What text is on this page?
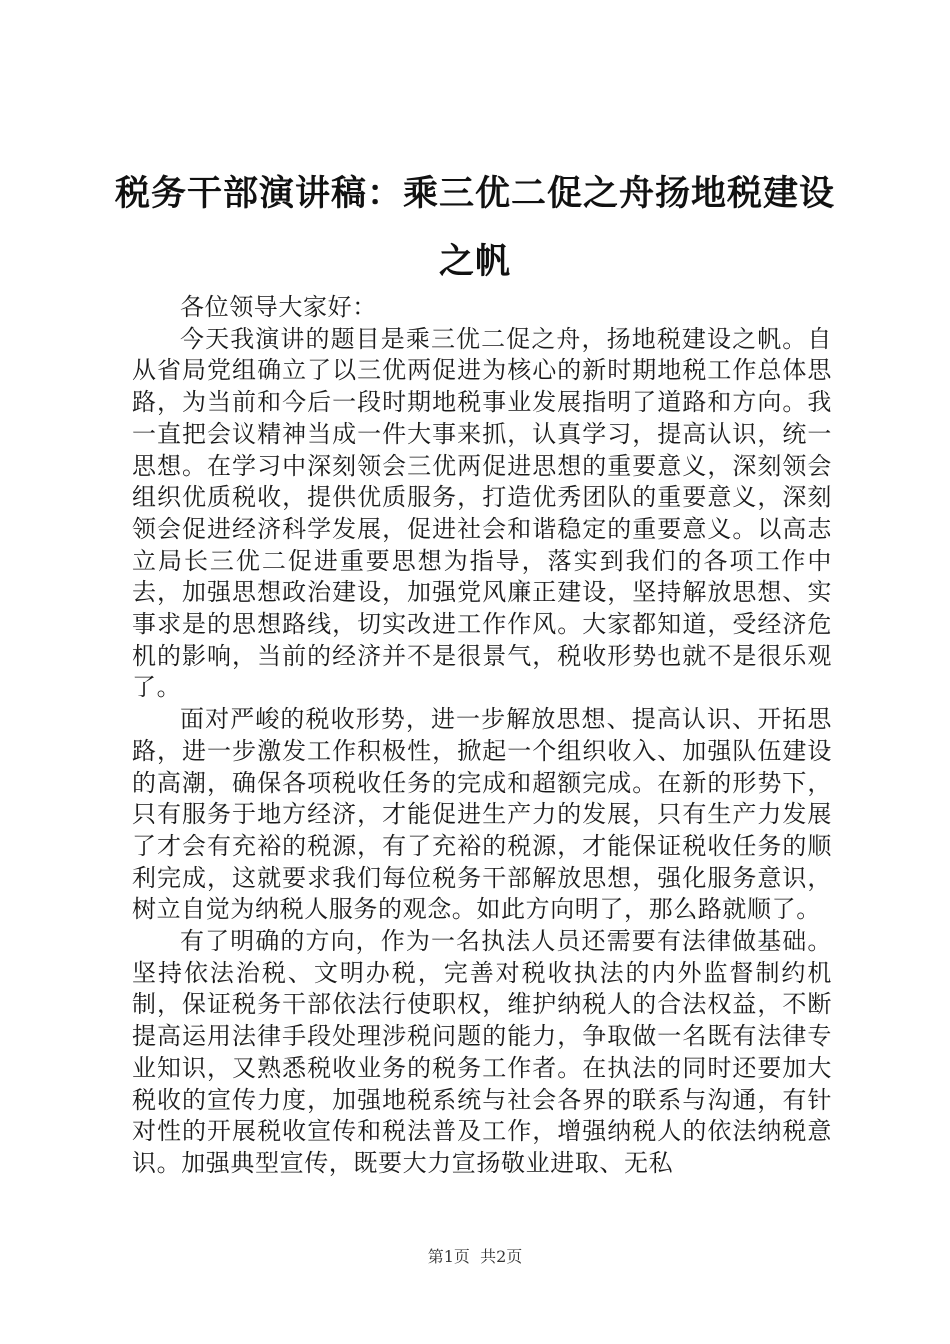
税务干部演讲稿：乘三优二促之舟扬地税建设之帆

各位领导大家好：

今天我演讲的题目是乘三优二促之舟，扬地税建设之帆。自从省局党组确立了以三优两促进为核心的新时期地税工作总体思路，为当前和今后一段时期地税事业发展指明了道路和方向。我一直把会议精神当成一件大事来抓，认真学习，提高认识，统一思想。在学习中深刻领会三优两促进思想的重要意义，深刻领会组织优质税收，提供优质服务，打造优秀团队的重要意义，深刻领会促进经济科学发展，促进社会和谐稳定的重要意义。以高志立局长三优二促进重要思想为指导，落实到我们的各项工作中去，加强思想政治建设，加强党风廉正建设，坚持解放思想、实事求是的思想路线，切实改进工作作风。大家都知道，受经济危机的影响，当前的经济并不是很景气，税收形势也就不是很乐观了。

面对严峻的税收形势，进一步解放思想、提高认识、开拓思路，进一步激发工作积极性，掀起一个组织收入、加强队伍建设的高潮，确保各项税收任务的完成和超额完成。在新的形势下，只有服务于地方经济，才能促进生产力的发展，只有生产力发展了才会有充裕的税源，有了充裕的税源，才能保证税收任务的顺利完成，这就要求我们每位税务干部解放思想，强化服务意识，树立自觉为纳税人服务的观念。如此方向明了，那么路就顺了。

有了明确的方向，作为一名执法人员还需要有法律做基础。坚持依法治税、文明办税，完善对税收执法的内外监督制约机制，保证税务干部依法行使职权，维护纳税人的合法权益，不断提高运用法律手段处理涉税问题的能力，争取做一名既有法律专业知识，又熟悉税收业务的税务工作者。在执法的同时还要加大税收的宣传力度，加强地税系统与社会各界的联系与沟通，有针对性的开展税收宣传和税法普及工作，增强纳税人的依法纳税意识。加强典型宣传，既要大力宣扬敬业进取、无私

第1页 共2页
